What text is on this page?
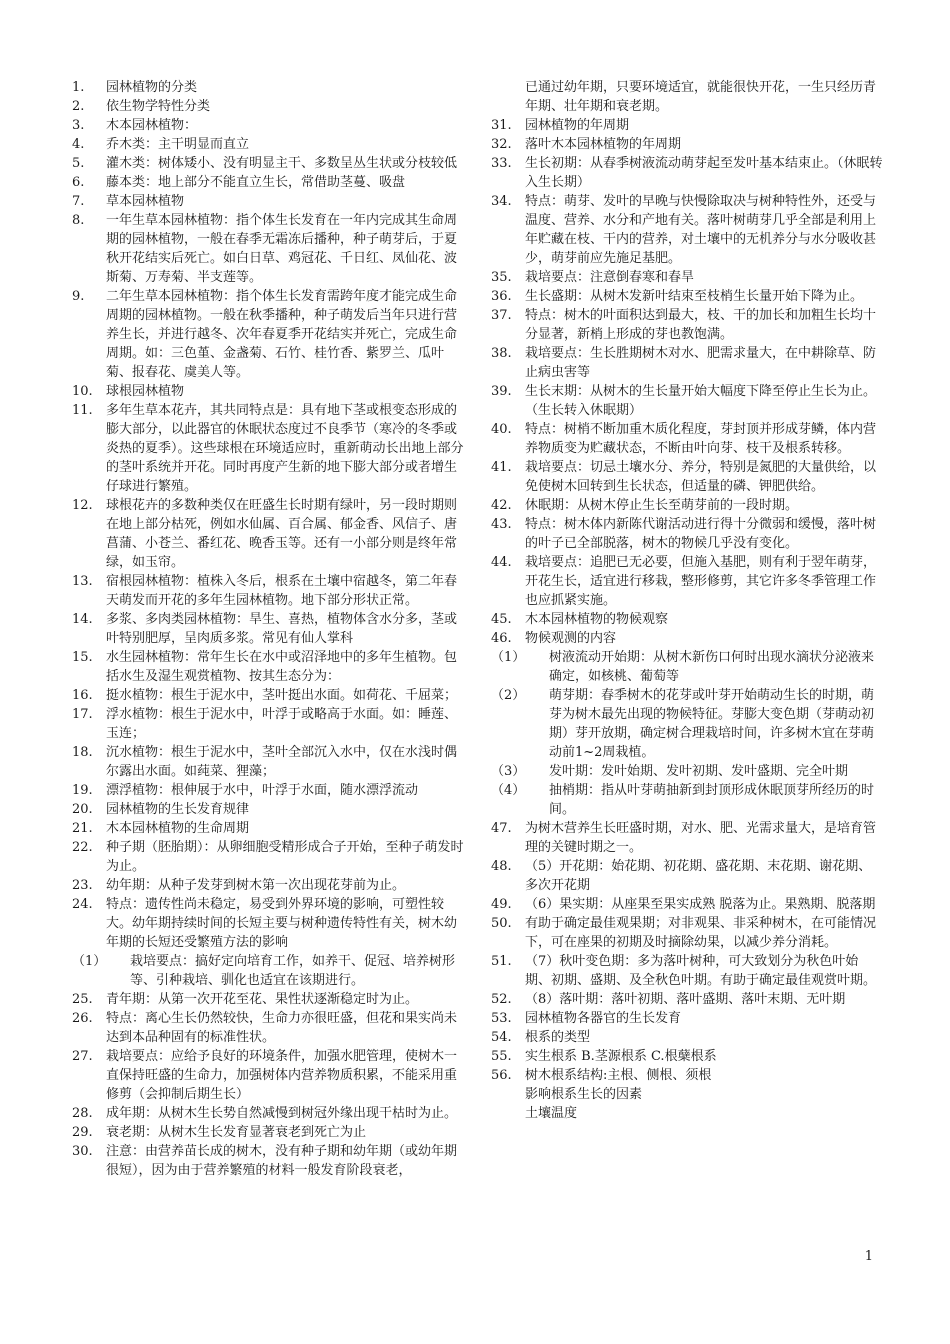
1.	园林植物的分类
2.	依生物学特性分类
3.	木本园林植物：
4.	乔木类：主干明显而直立
5.	灌木类：树体矮小、没有明显主干、多数呈丛生状或分枝较低
6.	藤本类：地上部分不能直立生长，常借助茎蔓、吸盘
7.	草本园林植物
8.	一年生草本园林植物：指个体生长发育在一年内完成其生命周期的园林植物，一般在春季无霜冻后播种，种子萌芽后，于夏秋开花结实后死亡。如白日草、鸡冠花、千日红、凤仙花、波斯菊、万寿菊、半支莲等。
9.	二年生草本园林植物：指个体生长发育需跨年度才能完成生命周期的园林植物。一般在秋季播种，种子萌发后当年只进行营养生长，并进行越冬、次年春夏季开花结实并死亡，完成生命周期。如：三色堇、金盏菊、石竹、桂竹香、紫罗兰、瓜叶菊、报春花、虞美人等。
10.	球根园林植物
11.	多年生草本花卉，其共同特点是：具有地下茎或根变态形成的膨大部分，以此器官的休眠状态度过不良季节（寒冷的冬季或炎热的夏季）。这些球根在环境适应时，重新萌动长出地上部分的茎叶系统并开花。同时再度产生新的地下膨大部分或者增生仔球进行繁殖。
12.	球根花卉的多数种类仅在旺盛生长时期有绿叶，另一段时期则在地上部分枯死，例如水仙属、百合属、郁金香、风信子、唐菖蒲、小苍兰、番红花、晚香玉等。还有一小部分则是终年常绿，如玉帘。
13.	宿根园林植物：植株入冬后，根系在土壤中宿越冬，第二年春天萌发而开花的多年生园林植物。地下部分形状正常。
14.	多浆、多肉类园林植物：旱生、喜热，植物体含水分多，茎或叶特别肥厚，呈肉质多浆。常见有仙人掌科
15.	水生园林植物：常年生长在水中或沼泽地中的多年生植物。包括水生及湿生观赏植物、按其生态分为：
16.	挺水植物：根生于泥水中，茎叶挺出水面。如荷花、千屈菜；
17.	浮水植物：根生于泥水中，叶浮于或略高于水面。如：睡莲、玉连；
18.	沉水植物：根生于泥水中，茎叶全部沉入水中，仅在水浅时偶尔露出水面。如莼菜、狸藻；
19.	漂浮植物：根伸展于水中，叶浮于水面，随水漂浮流动
20.	园林植物的生长发育规律
21.	木本园林植物的生命周期
22.	种子期（胚胎期）：从卵细胞受精形成合子开始，至种子萌发时为止。
23.	幼年期：从种子发芽到树木第一次出现花芽前为止。
24.	特点：遗传性尚未稳定，易受到外界环境的影响，可塑性较大。幼年期持续时间的长短主要与树种遗传特性有关，树木幼年期的长短还受繁殖方法的影响
（1）	栽培要点：搞好定向培育工作，如养干、促冠、培养树形等、引种栽培、驯化也适宜在该期进行。
25.	青年期：从第一次开花至花、果性状逐渐稳定时为止。
26.	特点：离心生长仍然较快，生命力亦很旺盛，但花和果实尚未达到本品种固有的标准性状。
27.	栽培要点：应给予良好的环境条件，加强水肥管理，使树木一直保持旺盛的生命力，加强树体内营养物质积累，不能采用重修剪（会抑制后期生长）
28.	成年期：从树木生长势自然减慢到树冠外缘出现干枯时为止。
29.	衰老期：从树木生长发育显著衰老到死亡为止
30.	注意：由营养苗长成的树木，没有种子期和幼年期（或幼年期很短），因为由于营养繁殖的材料一般发育阶段衰老，
已通过幼年期，只要环境适宜，就能很快开花，一生只经历青年期、壮年期和衰老期。
31.	园林植物的年周期
32.	落叶木本园林植物的年周期
33.	生长初期：从春季树液流动萌芽起至发叶基本结束止。（休眠转入生长期）
34.	特点：萌芽、发叶的早晚与快慢除取决与树种特性外，还受与温度、营养、水分和产地有关。落叶树萌芽几乎全部是利用上年贮藏在枝、干内的营养，对土壤中的无机养分与水分吸收甚少，萌芽前应先施足基肥。
35.	栽培要点：注意倒春寒和春旱
36.	生长盛期：从树木发新叶结束至枝梢生长量开始下降为止。
37.	特点：树木的叶面积达到最大，枝、干的加长和加粗生长均十分显著，新梢上形成的芽也教饱满。
38.	栽培要点：生长胜期树木对水、肥需求量大，在中耕除草、防止病虫害等
39.	生长末期：从树木的生长量开始大幅度下降至停止生长为止。（生长转入休眠期）
40.	特点：树梢不断加重木质化程度，芽封顶并形成芽鳞，体内营养物质变为贮藏状态，不断由叶向芽、枝干及根系转移。
41.	栽培要点：切忌土壤水分、养分，特别是氮肥的大量供给，以免使树木回转到生长状态，但适量的磷、钾肥供给。
42.	休眠期：从树木停止生长至萌芽前的一段时期。
43.	特点：树木体内新陈代谢活动进行得十分微弱和缓慢，落叶树的叶子已全部脱落，树木的物候几乎没有变化。
44.	栽培要点：追肥已无必要，但施入基肥，则有利于翌年萌芽，开花生长，适宜进行移栽，整形修剪，其它许多冬季管理工作也应抓紧实施。
45.	木本园林植物的物候观察
46.	物候观测的内容
（1）	树液流动开始期：从树木新伤口何时出现水滴状分泌液来确定，如核桃、葡萄等
（2）	萌芽期：春季树木的花芽或叶芽开始萌动生长的时期，萌芽为树木最先出现的物候特征。芽膨大变色期（芽萌动初期）芽开放期，确定树合理栽培时间，许多树木宜在芽萌动前1~2周栽植。
（3）	发叶期：发叶始期、发叶初期、发叶盛期、完全叶期
（4）	抽梢期：指从叶芽萌抽新到封顶形成休眠顶芽所经历的时间。
47.	为树木营养生长旺盛时期，对水、肥、光需求量大，是培育管理的关键时期之一。
48.	（5）开花期：始花期、初花期、盛花期、末花期、谢花期、多次开花期
49.	（6）果实期：从座果至果实成熟 脱落为止。果熟期、脱落期
50.	有助于确定最佳观果期；对非观果、非采种树木，在可能情况下，可在座果的初期及时摘除幼果，以减少养分消耗。
51.	（7）秋叶变色期：多为落叶树种，可大致划分为秋色叶始期、初期、盛期、及全秋色叶期。有助于确定最佳观赏叶期。
52.	（8）落叶期：落叶初期、落叶盛期、落叶末期、无叶期
53.	园林植物各器官的生长发育
54.	根系的类型
55.	实生根系 B.茎源根系 C.根蘖根系
56.	树木根系结构:主根、侧根、须根
影响根系生长的因素
土壤温度
1
